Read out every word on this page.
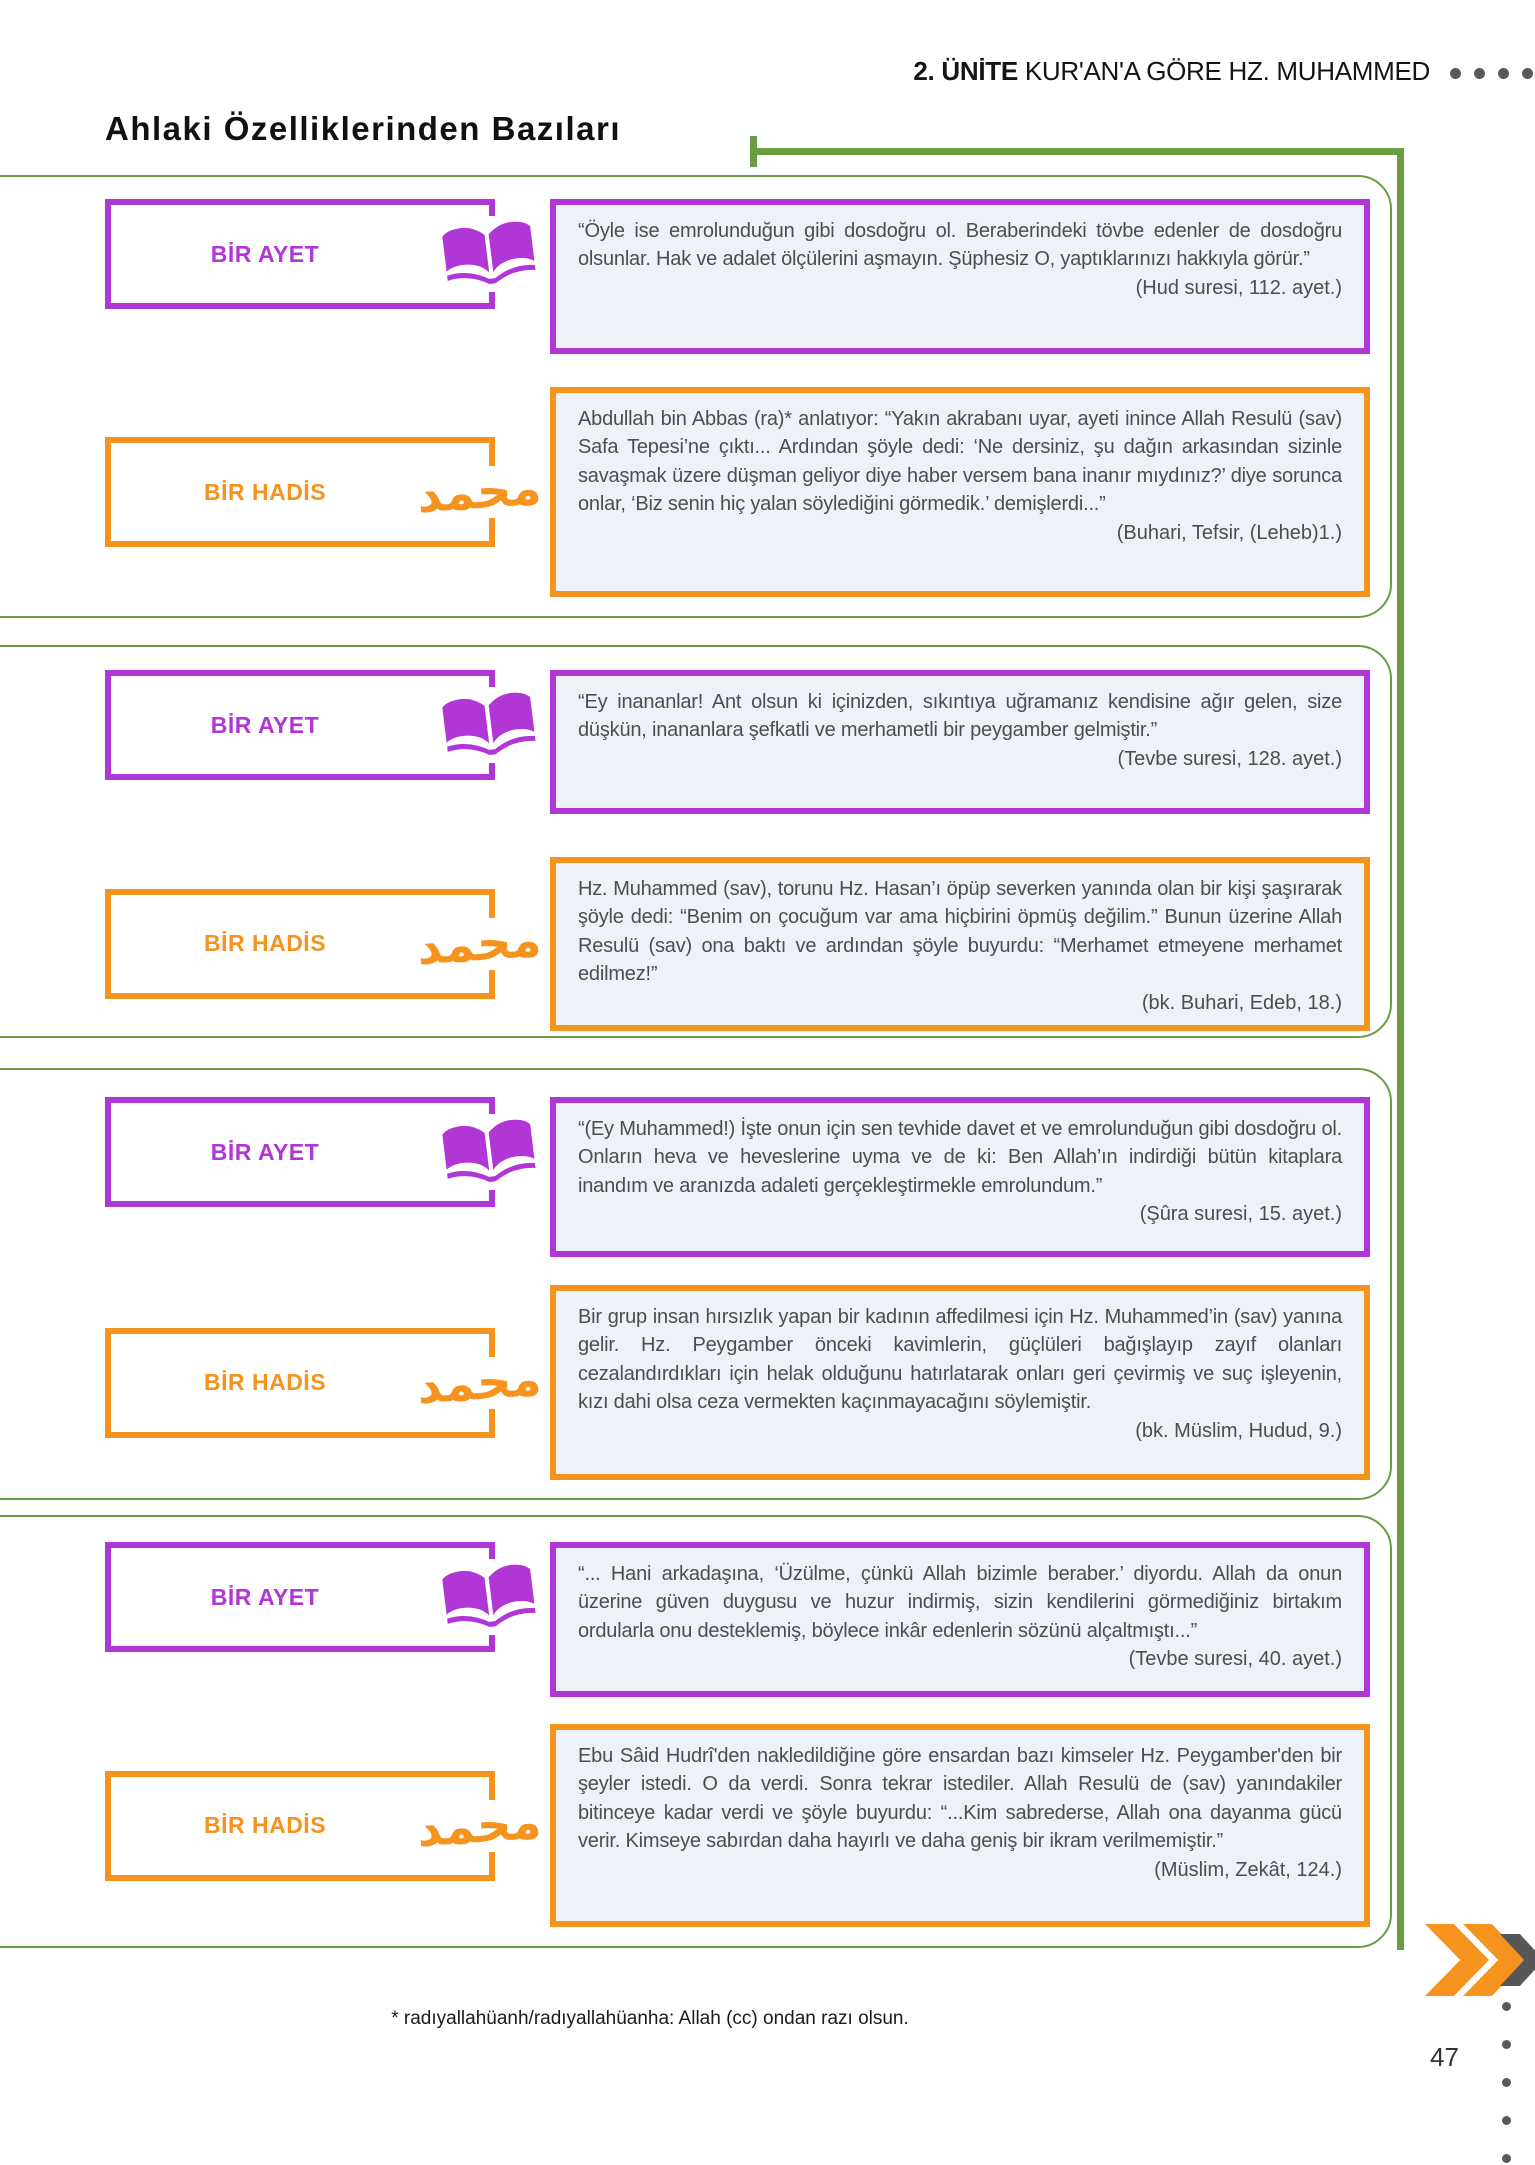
2. ÜNİTE KUR'AN'A GÖRE HZ. MUHAMMED
Ahlaki Özelliklerinden Bazıları
BİR AYET

“Öyle ise emrolunduğun gibi dosdoğru ol. Beraberindeki tövbe edenler de dosdoğru olsunlar. Hak ve adalet ölçülerini aşmayın. Şüphesiz O, yaptıklarınızı hakkıyla görür.”

(Hud suresi, 112. ayet.)
BİR HADİS محمد

Abdullah bin Abbas (ra)* anlatıyor: “Yakın akrabanı uyar, ayeti inince Allah Resulü (sav) Safa Tepesi’ne çıktı... Ardından şöyle dedi: ‘Ne dersiniz, şu dağın arkasından sizinle savaşmak üzere düşman geliyor diye haber versem bana inanır mıydınız?’ diye sorunca onlar, ‘Biz senin hiç yalan söylediğini görmedik.’ demişlerdi...”

(Buhari, Tefsir, (Leheb)1.)
BİR AYET

“Ey inananlar! Ant olsun ki içinizden, sıkıntıya uğramanız kendisine ağır gelen, size düşkün, inananlara şefkatli ve merhametli bir peygamber gelmiştir.”

(Tevbe suresi, 128. ayet.)
BİR HADİS محمد

Hz. Muhammed (sav), torunu Hz. Hasan’ı öpüp severken yanında olan bir kişi şaşırarak şöyle dedi: “Benim on çocuğum var ama hiçbirini öpmüş değilim.” Bunun üzerine Allah Resulü (sav) ona baktı ve ardından şöyle buyurdu: “Merhamet etmeyene merhamet edilmez!”

(bk. Buhari, Edeb, 18.)
BİR AYET

“(Ey Muhammed!) İşte onun için sen tevhide davet et ve emrolunduğun gibi dosdoğru ol. Onların heva ve heveslerine uyma ve de ki: Ben Allah’ın indirdiği bütün kitaplara inandım ve aranızda adaleti gerçekleştirmekle emrolundum.”

(Şûra suresi, 15. ayet.)
BİR HADİS محمد

Bir grup insan hırsızlık yapan bir kadının affedilmesi için Hz. Muhammed’in (sav) yanına gelir. Hz. Peygamber önceki kavimlerin, güçlüleri bağışlayıp zayıf olanları cezalandırdıkları için helak olduğunu hatırlatarak onları geri çevirmiş ve suç işleyenin, kızı dahi olsa ceza vermekten kaçınmayacağını söylemiştir.

(bk. Müslim, Hudud, 9.)
BİR AYET

“... Hani arkadaşına, ‘Üzülme, çünkü Allah bizimle beraber.’ diyordu. Allah da onun üzerine güven duygusu ve huzur indirmiş, sizin kendilerini görmediğiniz birtakım ordularla onu desteklemiş, böylece inkâr edenlerin sözünü alçaltmıştı...”

(Tevbe suresi, 40. ayet.)
BİR HADİS محمد

Ebu Sâid Hudrî'den nakledildiğine göre ensardan bazı kimseler Hz. Peygamber'den bir şeyler istedi. O da verdi. Sonra tekrar istediler. Allah Resulü de (sav) yanındakiler bitinceye kadar verdi ve şöyle buyurdu: “...Kim sabrederse, Allah ona dayanma gücü verir. Kimseye sabırdan daha hayırlı ve daha geniş bir ikram verilmemiştir.”

(Müslim, Zekât, 124.)
* radıyallahüanh/radıyallahüanha: Allah (cc) ondan razı olsun.
47
